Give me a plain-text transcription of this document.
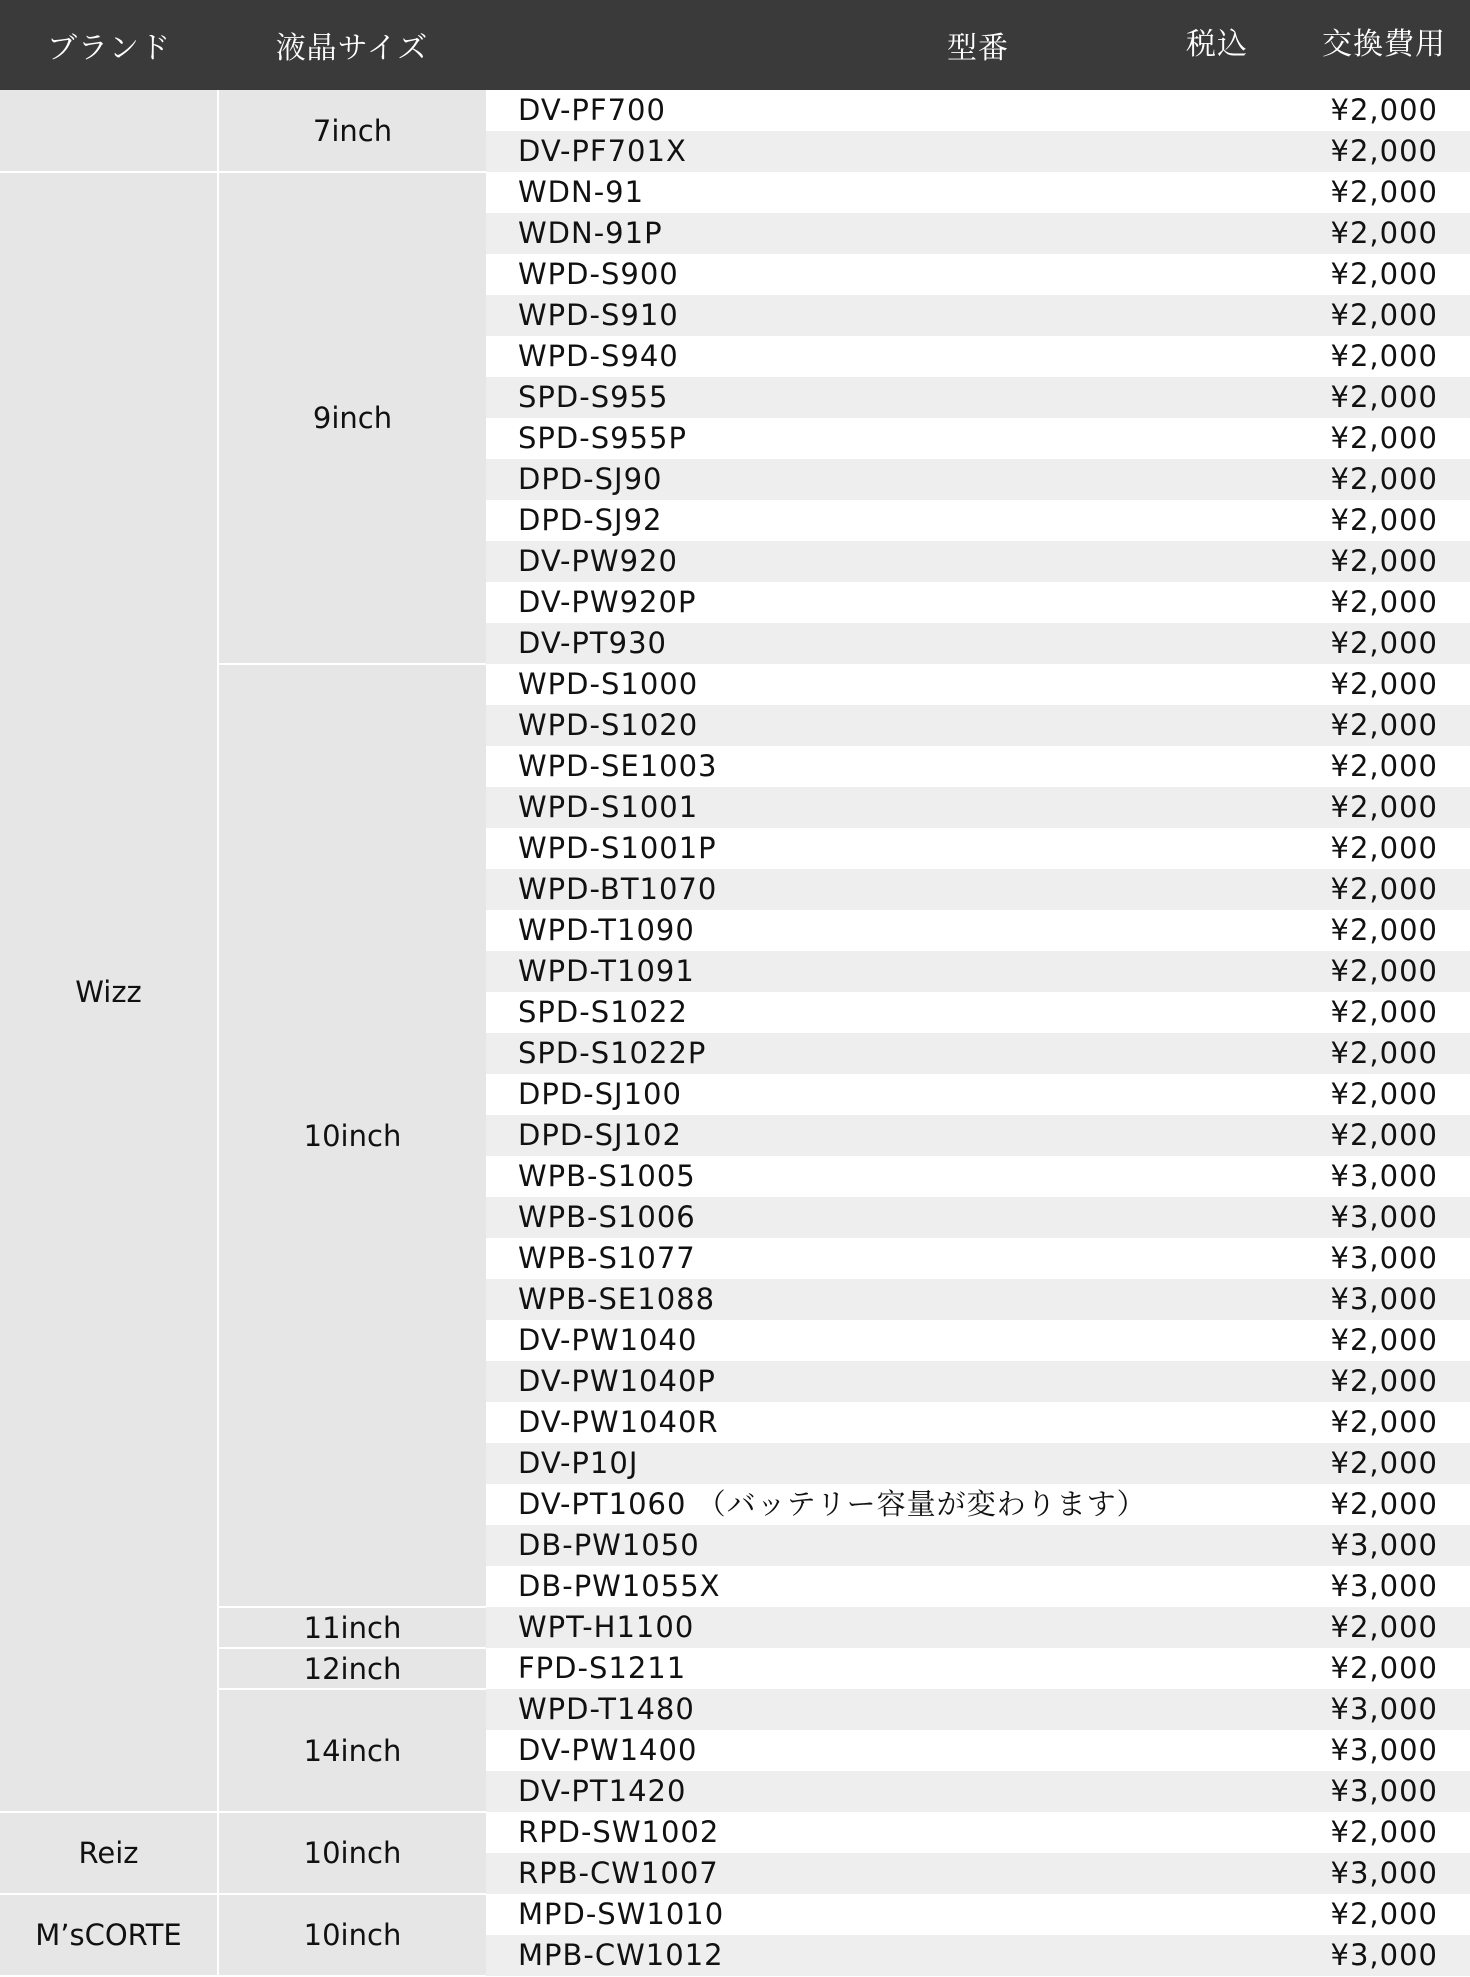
ブランド	液晶サイズ	型番 税込 交換費用

	7inch	DV-PF700 ¥2,000

		DV-PF701X ¥2,000

Wizz	9inch	WDN-91 ¥2,000

		WDN-91P ¥2,000

		WPD-S900 ¥2,000

		WPD-S910 ¥2,000

		WPD-S940 ¥2,000

		SPD-S955 ¥2,000

		SPD-S955P ¥2,000

		DPD-SJ90 ¥2,000

		DPD-SJ92 ¥2,000

		DV-PW920 ¥2,000

		DV-PW920P ¥2,000

		DV-PT930 ¥2,000

	10inch	WPD-S1000 ¥2,000

		WPD-S1020 ¥2,000

		WPD-SE1003 ¥2,000

		WPD-S1001 ¥2,000

		WPD-S1001P ¥2,000

		WPD-BT1070 ¥2,000

		WPD-T1090 ¥2,000

		WPD-T1091 ¥2,000

		SPD-S1022 ¥2,000

		SPD-S1022P ¥2,000

		DPD-SJ100 ¥2,000

		DPD-SJ102 ¥2,000

		WPB-S1005 ¥3,000

		WPB-S1006 ¥3,000

		WPB-S1077 ¥3,000

		WPB-SE1088 ¥3,000

		DV-PW1040 ¥2,000

		DV-PW1040P ¥2,000

		DV-PW1040R ¥2,000

		DV-P10J ¥2,000

		DV-PT1060 （バッテリー容量が変わります） ¥2,000

		DB-PW1050 ¥3,000

		DB-PW1055X ¥3,000

	11inch	WPT-H1100 ¥2,000

	12inch	FPD-S1211 ¥2,000

	14inch	WPD-T1480 ¥3,000

		DV-PW1400 ¥3,000

		DV-PT1420 ¥3,000

Reiz	10inch	RPD-SW1002 ¥2,000

		RPB-CW1007 ¥3,000

M’sCORTE	10inch	MPD-SW1010 ¥2,000

		MPB-CW1012 ¥3,000
